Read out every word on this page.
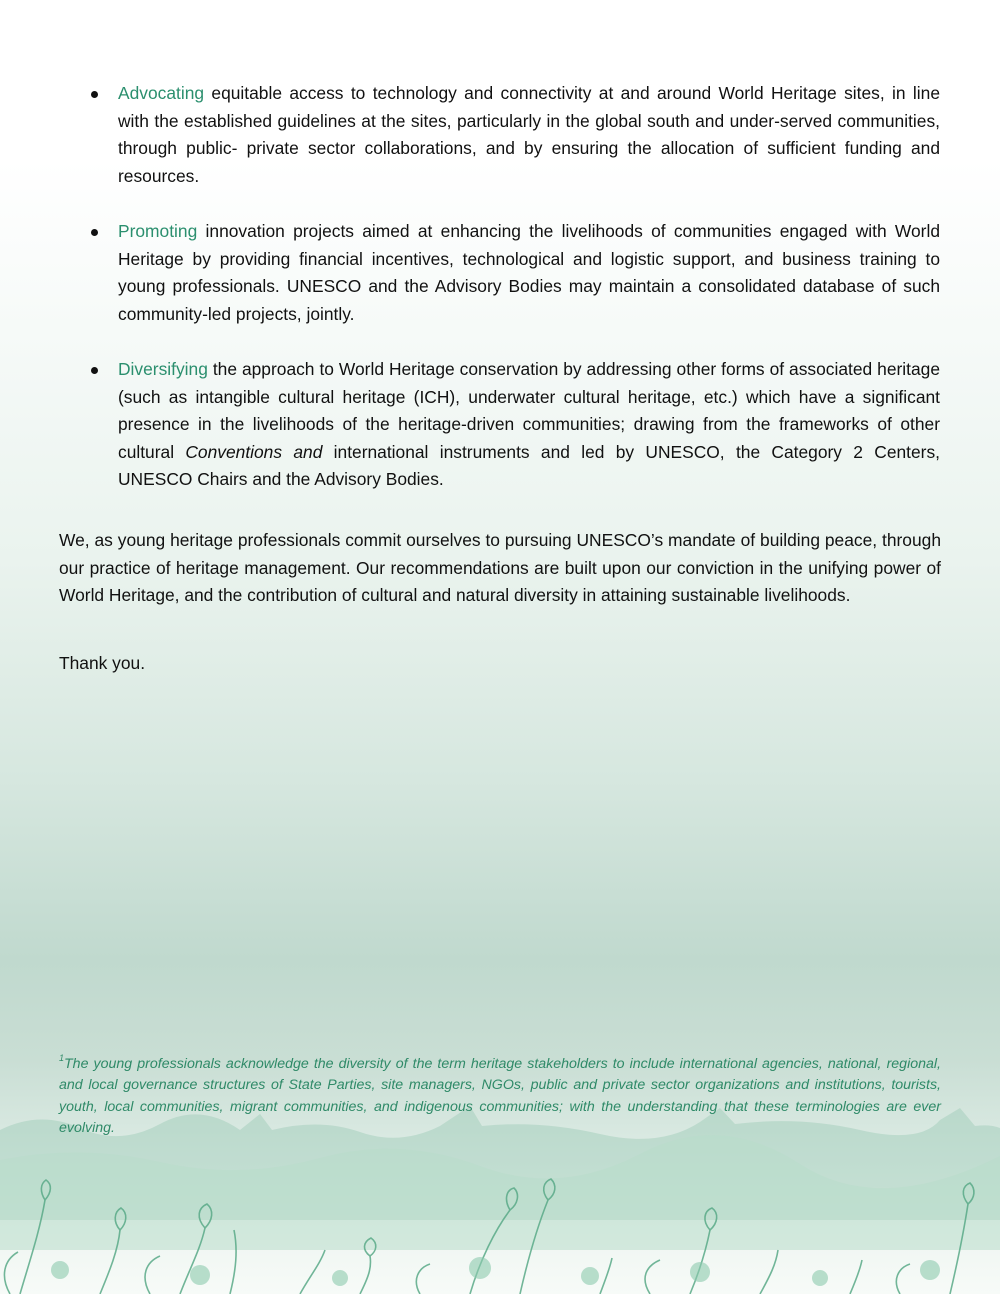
Advocating equitable access to technology and connectivity at and around World Heritage sites, in line with the established guidelines at the sites, particularly in the global south and under-served communities, through public- private sector collaborations, and by ensuring the allocation of sufficient funding and resources.
Promoting innovation projects aimed at enhancing the livelihoods of communities engaged with World Heritage by providing financial incentives, technological and logistic support, and business training to young professionals. UNESCO and the Advisory Bodies may maintain a consolidated database of such community-led projects, jointly.
Diversifying the approach to World Heritage conservation by addressing other forms of associated heritage (such as intangible cultural heritage (ICH), underwater cultural heritage, etc.) which have a significant presence in the livelihoods of the heritage-driven communities; drawing from the frameworks of other cultural Conventions and international instruments and led by UNESCO, the Category 2 Centers, UNESCO Chairs and the Advisory Bodies.

We, as young heritage professionals commit ourselves to pursuing UNESCO’s mandate of building peace, through our practice of heritage management. Our recommendations are built upon our conviction in the unifying power of World Heritage, and the contribution of cultural and natural diversity in attaining sustainable livelihoods.

Thank you.

$^1$The young professionals acknowledge the diversity of the term heritage stakeholders to include international agencies, national, regional, and local governance structures of State Parties, site managers, NGOs, public and private sector organizations and institutions, tourists, youth, local communities, migrant communities, and indigenous communities; with the understanding that these terminologies are ever evolving.
